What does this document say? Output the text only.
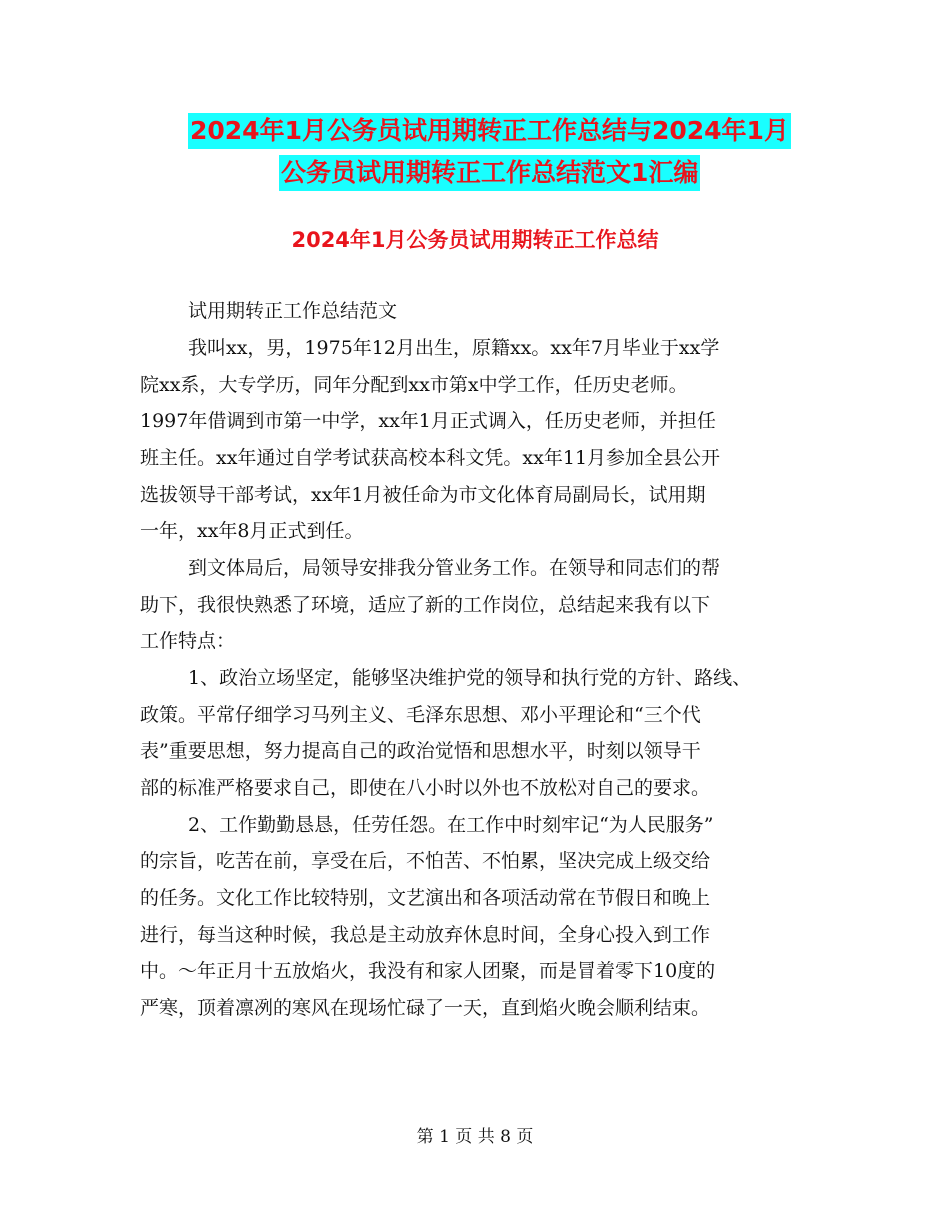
2024年1月公务员试用期转正工作总结与2024年1月
公务员试用期转正工作总结范文1汇编
2024年1月公务员试用期转正工作总结
试用期转正工作总结范文
我叫xx，男，1975年12月出生，原籍xx。xx年7月毕业于xx学
院xx系，大专学历，同年分配到xx市第x中学工作，任历史老师。
1997年借调到市第一中学，xx年1月正式调入，任历史老师，并担任
班主任。xx年通过自学考试获高校本科文凭。xx年11月参加全县公开
选拔领导干部考试，xx年1月被任命为市文化体育局副局长，试用期
一年，xx年8月正式到任。
到文体局后，局领导安排我分管业务工作。在领导和同志们的帮
助下，我很快熟悉了环境，适应了新的工作岗位，总结起来我有以下
工作特点：
1、政治立场坚定，能够坚决维护党的领导和执行党的方针、路线、
政策。平常仔细学习马列主义、毛泽东思想、邓小平理论和“三个代
表”重要思想，努力提高自己的政治觉悟和思想水平，时刻以领导干
部的标准严格要求自己，即使在八小时以外也不放松对自己的要求。
2、工作勤勤恳恳，任劳任怨。在工作中时刻牢记“为人民服务”
的宗旨，吃苦在前，享受在后，不怕苦、不怕累，坚决完成上级交给
的任务。文化工作比较特别，文艺演出和各项活动常在节假日和晚上
进行，每当这种时候，我总是主动放弃休息时间，全身心投入到工作
中。～年正月十五放焰火，我没有和家人团聚，而是冒着零下10度的
严寒，顶着凛冽的寒风在现场忙碌了一天，直到焰火晚会顺利结束。
第 1 页 共 8 页
